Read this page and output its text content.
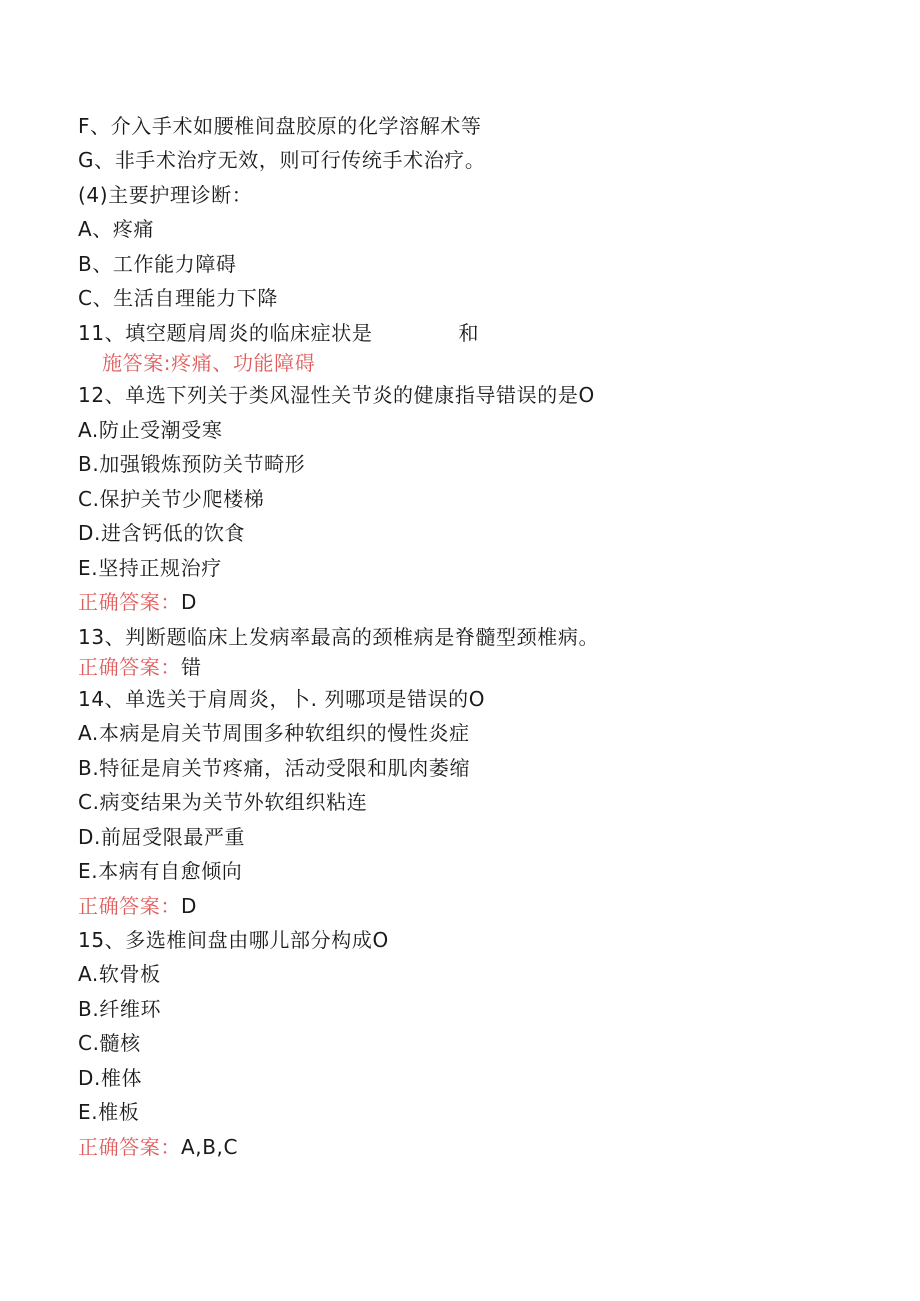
F、介入手术如腰椎间盘胶原的化学溶解术等
G、非手术治疗无效，则可行传统手术治疗。
(4)主要护理诊断：
A、疼痛
B、工作能力障碍
C、生活自理能力下降
11、填空题肩周炎的临床症状是	和
施答案:疼痛、功能障碍
12、单选下列关于类风湿性关节炎的健康指导错误的是O
A.防止受潮受寒
B.加强锻炼预防关节畸形
C.保护关节少爬楼梯
D.进含钙低的饮食
E.坚持正规治疗
正确答案：D
13、判断题临床上发病率最高的颈椎病是脊髓型颈椎病。
正确答案：错
14、单选关于肩周炎，卜. 列哪项是错误的O
A.本病是肩关节周围多种软组织的慢性炎症
B.特征是肩关节疼痛，活动受限和肌肉萎缩
C.病变结果为关节外软组织粘连
D.前屈受限最严重
E.本病有自愈倾向
正确答案：D
15、多选椎间盘由哪儿部分构成O
A.软骨板
B.纤维环
C.髓核
D.椎体
E.椎板
正确答案：A,B,C
